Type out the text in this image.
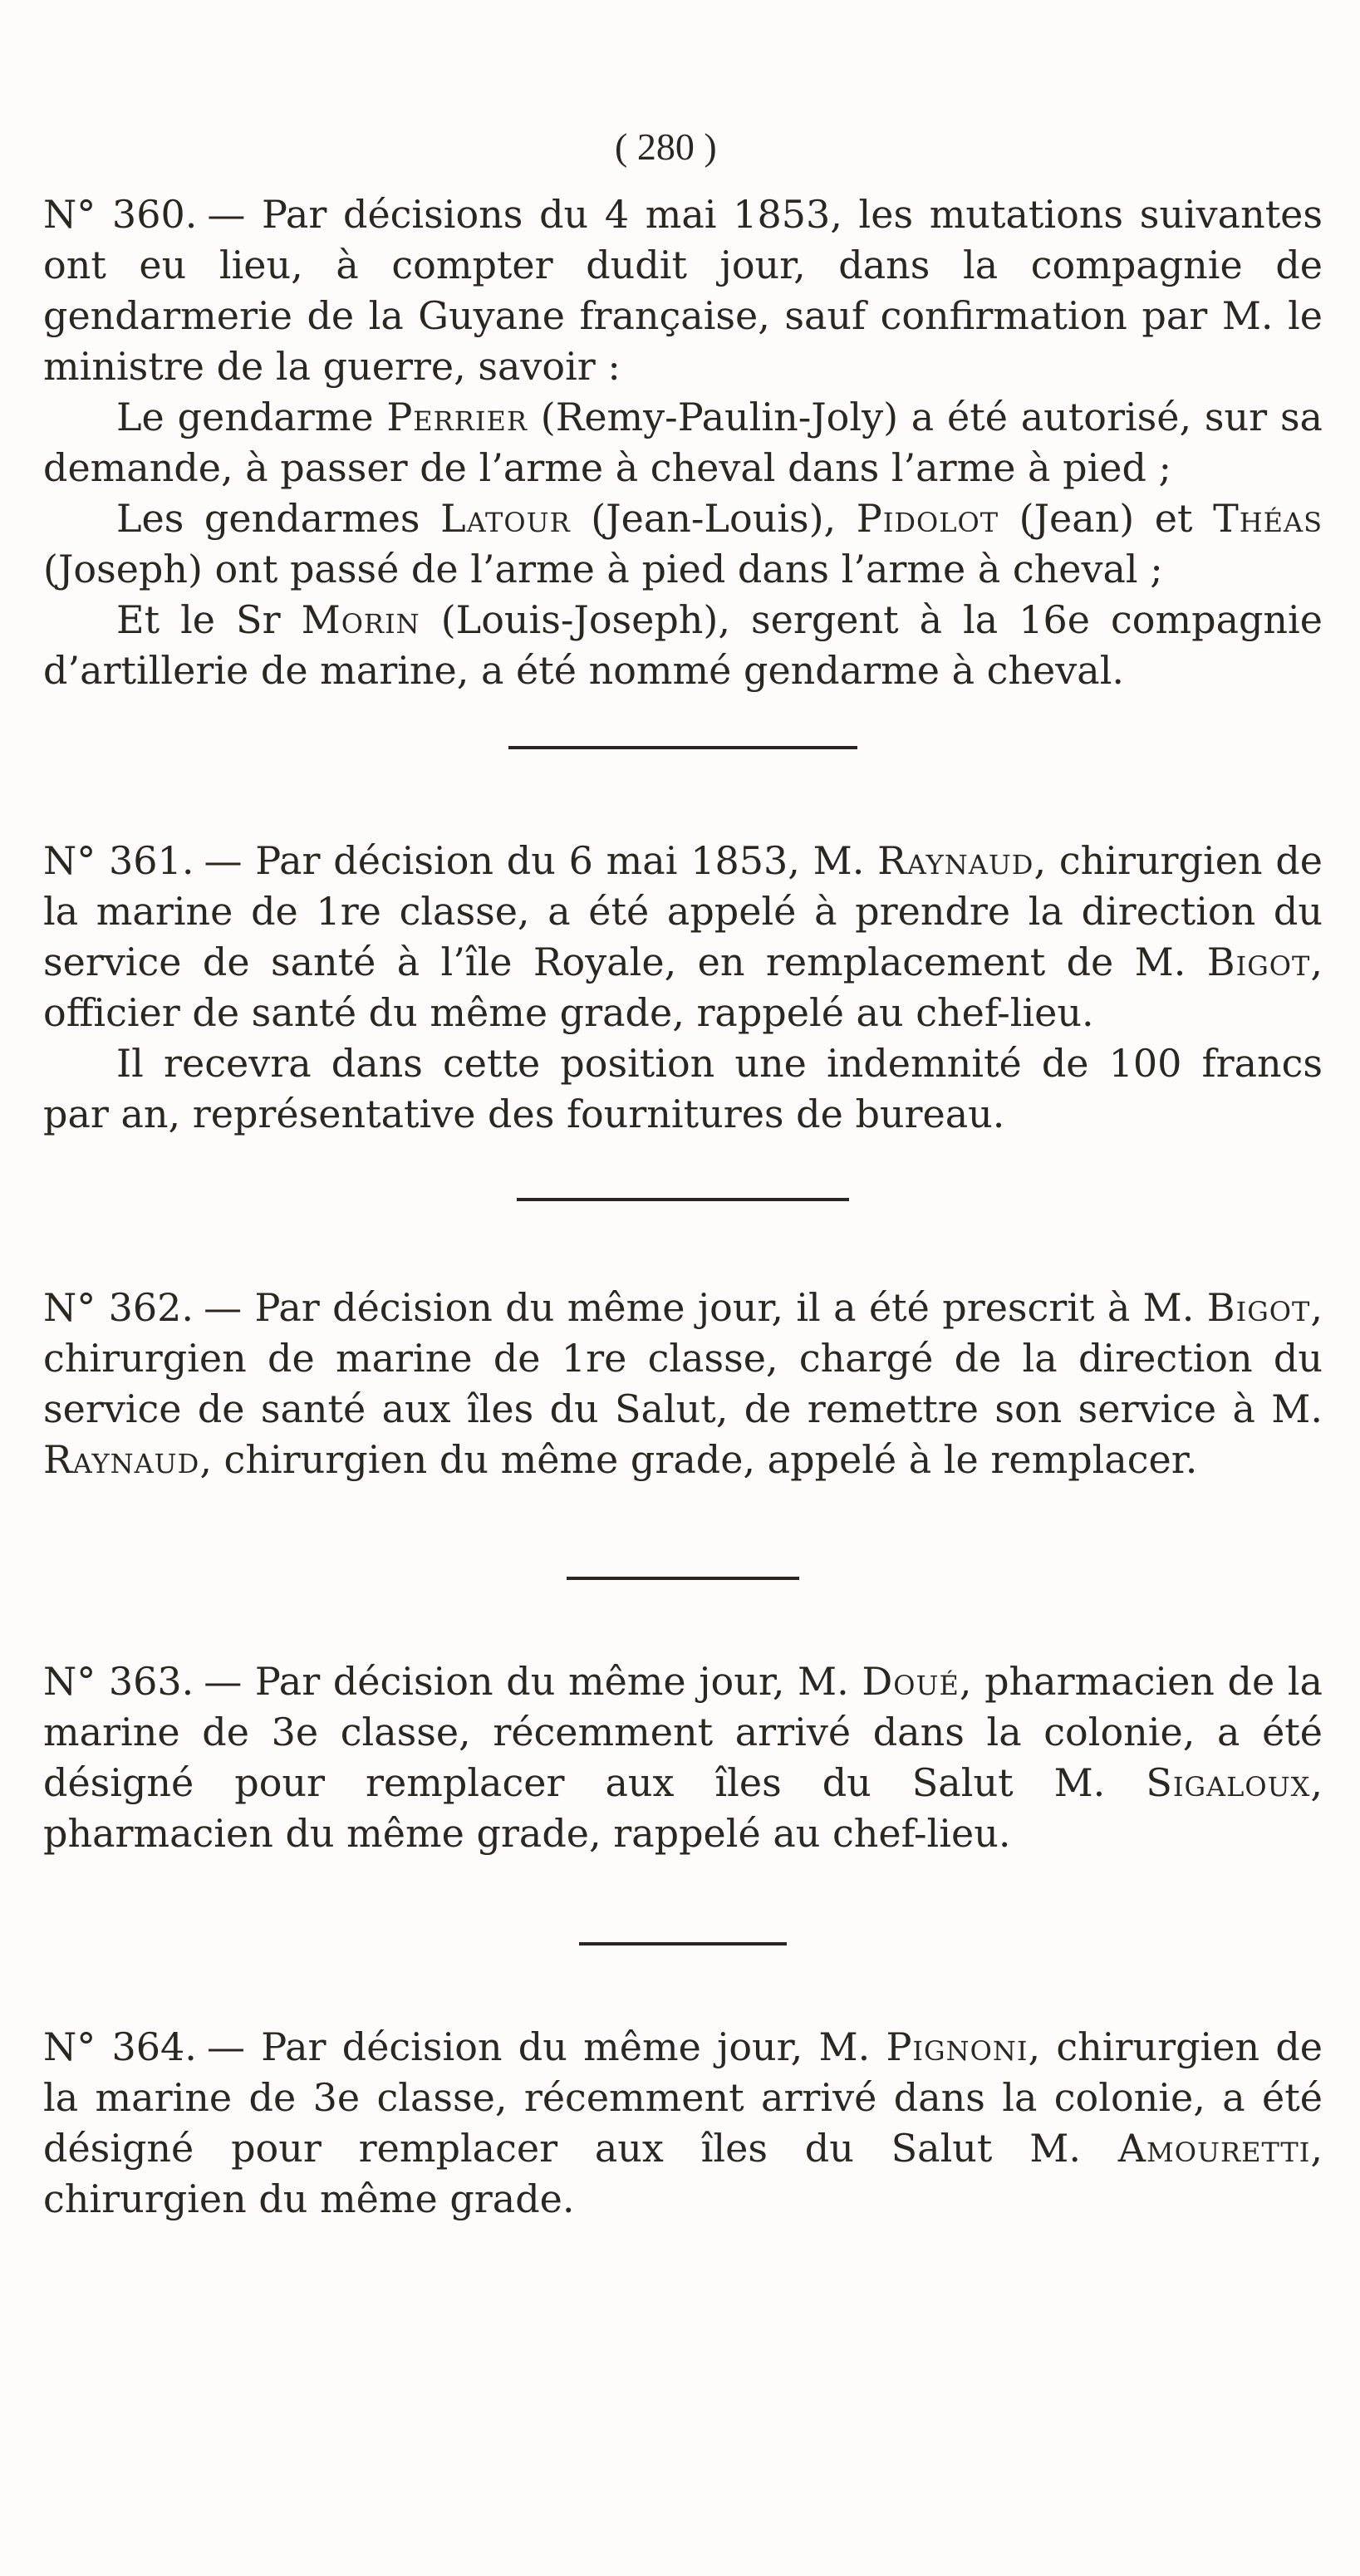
( 280 )

N° 360. — Par décisions du 4 mai 1853, les mutations suivantes ont eu lieu, à compter dudit jour, dans la compagnie de gendarmerie de la Guyane française, sauf confirmation par M. le ministre de la guerre, savoir :

Le gendarme Perrier (Remy-Paulin-Joly) a été autorisé, sur sa demande, à passer de l’arme à cheval dans l’arme à pied ;

Les gendarmes Latour (Jean-Louis), Pidolot (Jean) et Théas (Joseph) ont passé de l’arme à pied dans l’arme à cheval ;

Et le Sr Morin (Louis-Joseph), sergent à la 16e compagnie d’artillerie de marine, a été nommé gendarme à cheval.

N° 361. — Par décision du 6 mai 1853, M. Raynaud, chirurgien de la marine de 1re classe, a été appelé à prendre la direction du service de santé à l’île Royale, en remplacement de M. Bigot, officier de santé du même grade, rappelé au chef-lieu.

Il recevra dans cette position une indemnité de 100 francs par an, représentative des fournitures de bureau.

N° 362. — Par décision du même jour, il a été prescrit à M. Bigot, chirurgien de marine de 1re classe, chargé de la direction du service de santé aux îles du Salut, de remettre son service à M. Raynaud, chirurgien du même grade, appelé à le remplacer.

N° 363. — Par décision du même jour, M. Doué, pharmacien de la marine de 3e classe, récemment arrivé dans la colonie, a été désigné pour remplacer aux îles du Salut M. Sigaloux, pharmacien du même grade, rappelé au chef-lieu.

N° 364. — Par décision du même jour, M. Pignoni, chirurgien de la marine de 3e classe, récemment arrivé dans la colonie, a été désigné pour remplacer aux îles du Salut M. Amouretti, chirurgien du même grade.
